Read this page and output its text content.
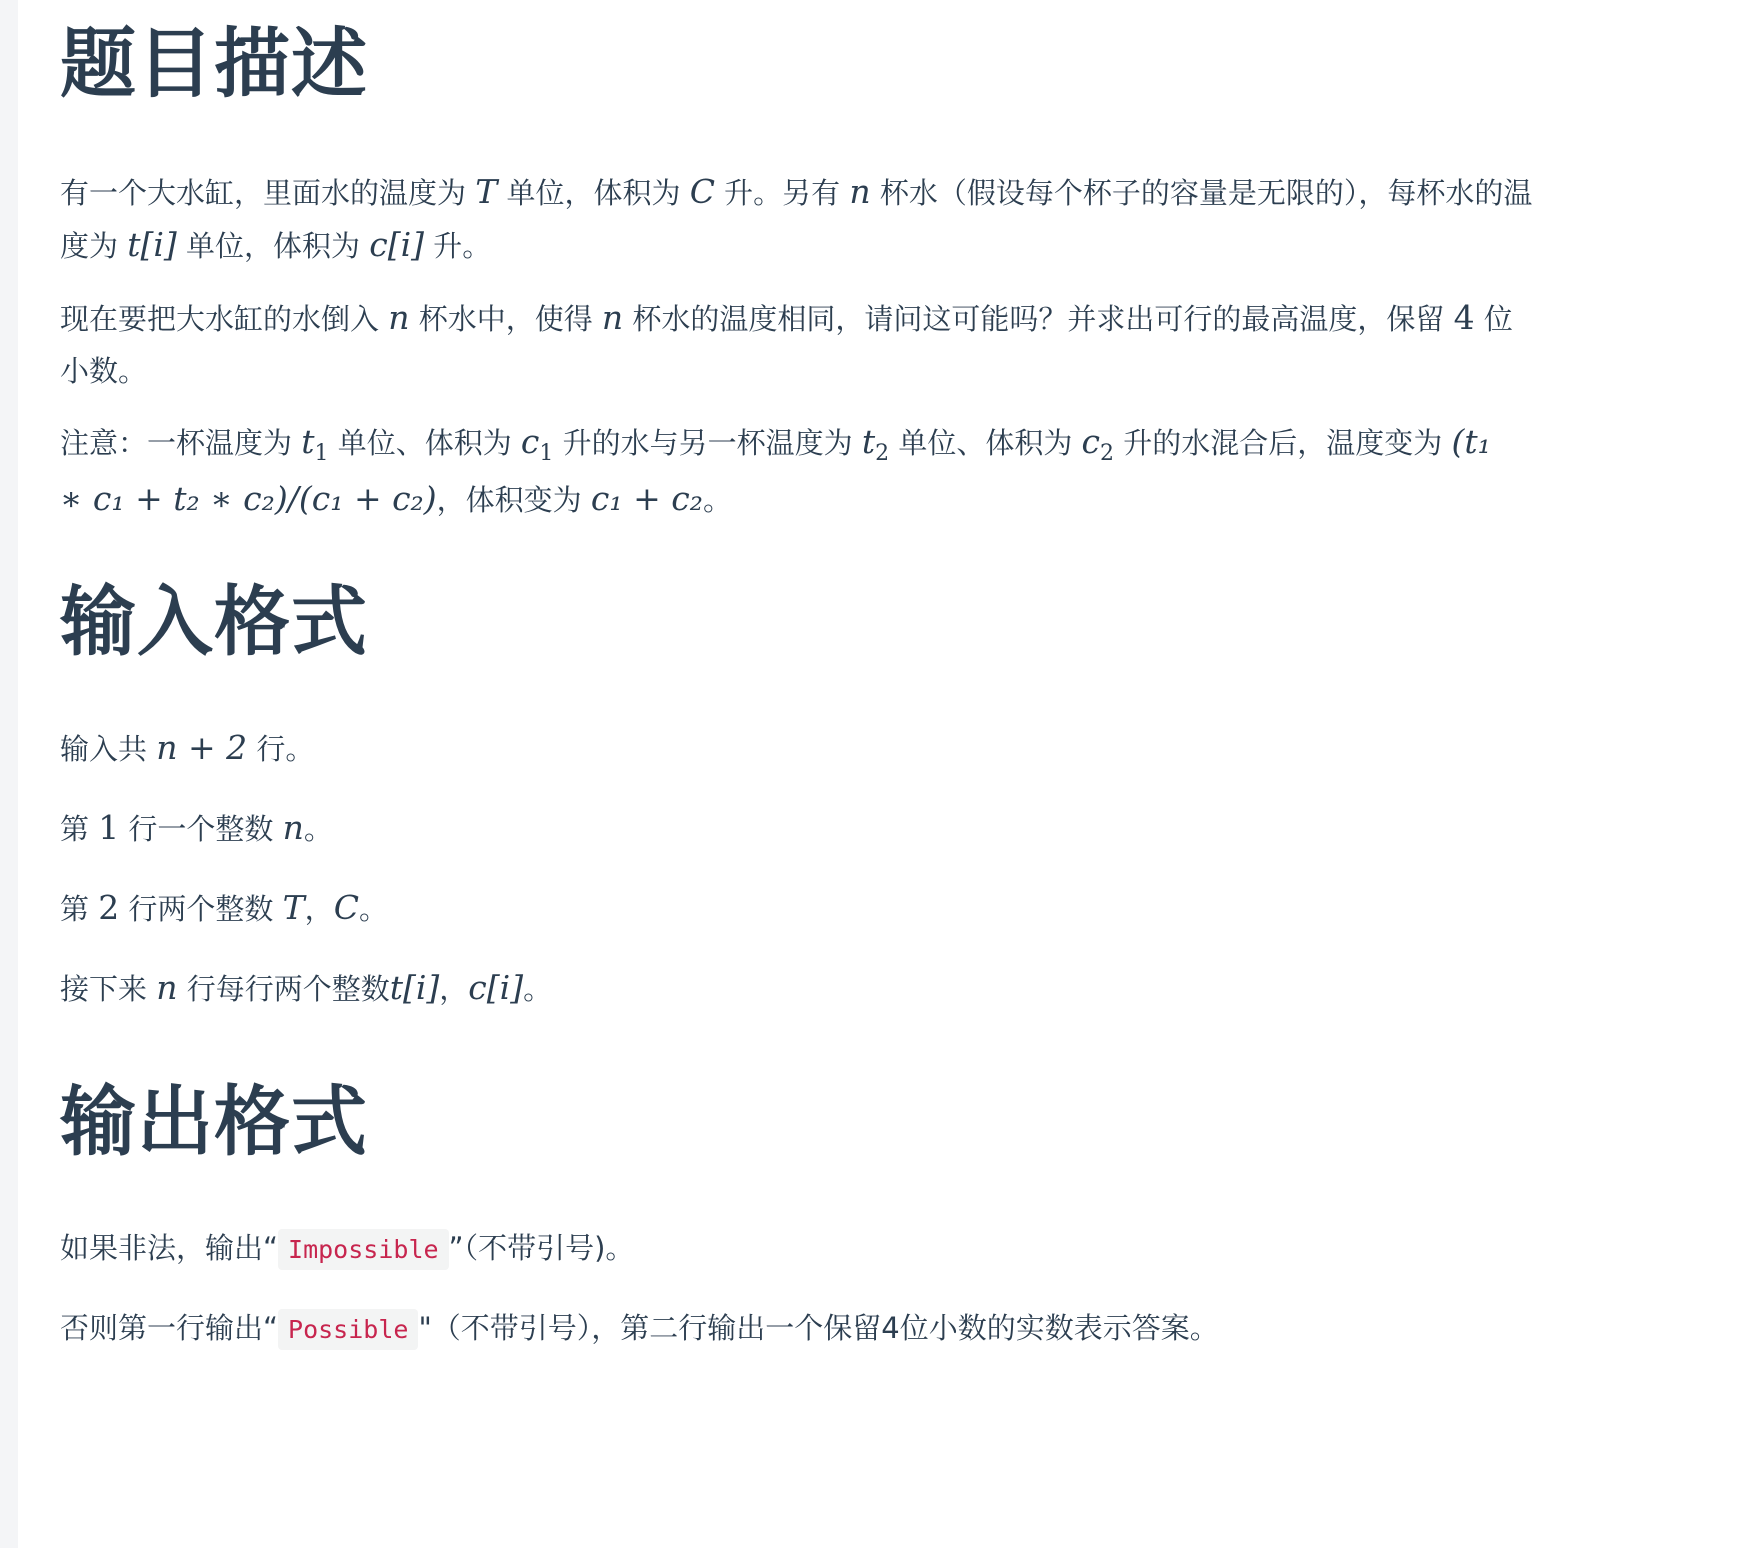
题目描述

有一个大水缸，里面水的温度为 T 单位，体积为 C 升。另有 n 杯水（假设每个杯子的容量是无限的），每杯水的温度为 t[i] 单位，体积为 c[i] 升。

现在要把大水缸的水倒入 n 杯水中，使得 n 杯水的温度相同，请问这可能吗？并求出可行的最高温度，保留 4 位小数。

注意：一杯温度为 $t_1$ 单位、体积为 $c_1$ 升的水与另一杯温度为 $t_2$ 单位、体积为 $c_2$ 升的水混合后，温度变为 (t₁ ∗ c₁ + t₂ ∗ c₂)/(c₁ + c₂)，体积变为 c₁ + c₂。

输入格式

输入共 n + 2 行。

第 1 行一个整数 n。

第 2 行两个整数 T，C。

接下来 n 行每行两个整数t[i]，c[i]。

输出格式

如果非法，输出“ Impossible ”（不带引号)。

否则第一行输出“ Possible "（不带引号），第二行输出一个保留4位小数的实数表示答案。
